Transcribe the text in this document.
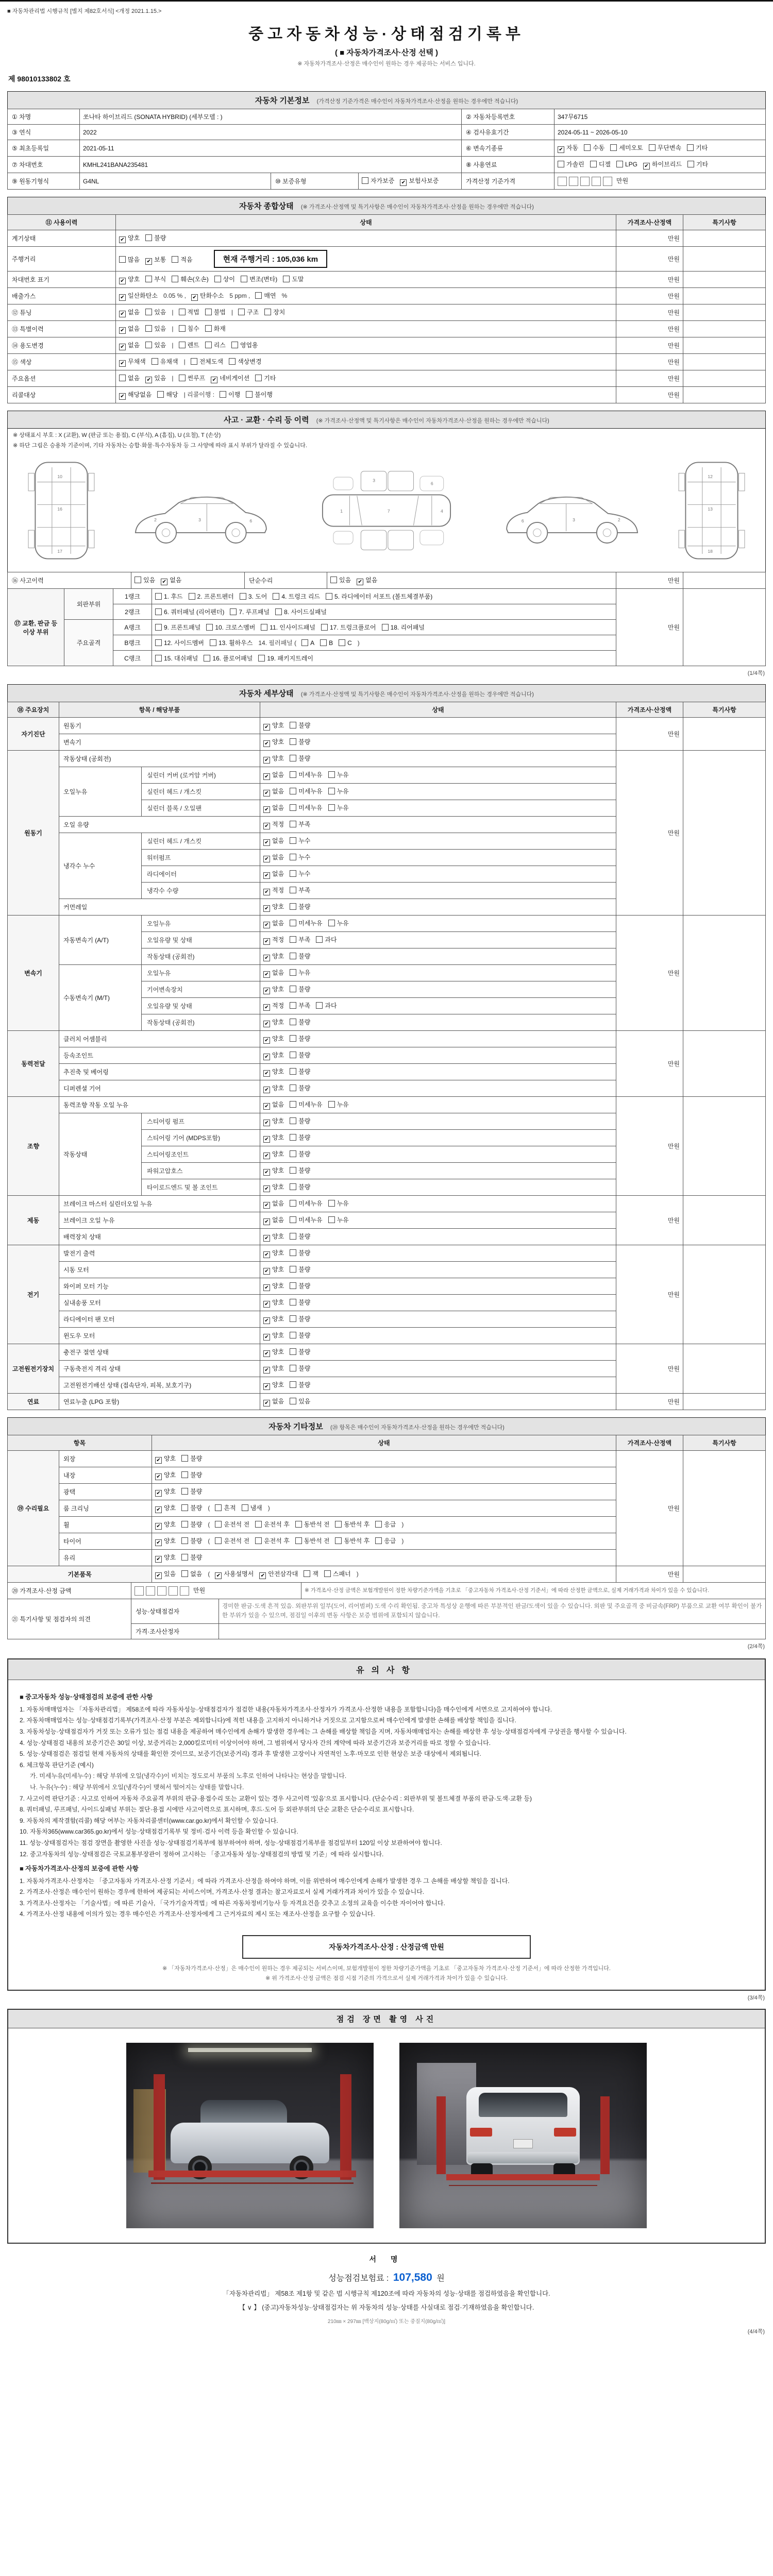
■ 자동차관리법 시행규칙 [별지 제82호서식] <개정 2021.1.15.>
중고자동차성능·상태점검기록부
( ■ 자동차가격조사·산정 선택 )
※ 자동차가격조사·산정은 매수인이 원하는 경우 제공하는 서비스 입니다.
제 98010133802 호
자동차 기본정보 (가격산정 기준가격은 매수인이 자동차가격조사·산정을 원하는 경우에만 적습니다)
① 차명	쏘나타 하이브리드 (SONATA HYBRID) (세부모델 : )			② 자동차등록번호	347무6715
③ 연식	2022			④ 검사유효기간	2024-05-11 ~ 2026-05-10
⑤ 최초등록일	2021-05-11			⑥ 변속기종류	✔ 자동 수동 세미오토 무단변속 기타
⑦ 차대번호	KMHL241BANA235481			⑧ 사용연료	가솔린 디젤 LPG ✔ 하이브리드 기타
⑨ 원동기형식	G4NL	⑩ 보증유형	자가보증 ✔ 보험사보증	가격산정 기준가격	만원
자동차 종합상태 (※ 가격조사·산정액 및 특기사항은 매수인이 자동차가격조사·산정을 원하는 경우에만 적습니다)
⑪ 사용이력	상태	가격조사·산정액	특기사항
계기상태	✔ 양호 불량	만원	
주행거리	많음 ✔ 보통 적음 현재 주행거리 : 105,036 km	만원	
차대번호 표기	✔ 양호 부식 훼손(오손) 상이 변조(변타) 도말	만원	
배출가스	✔ 일산화탄소 0.05 % , ✔ 탄화수소 5 ppm , 매연 %	만원	
⑫ 튜닝	✔ 없음 있음 | 적법 불법 | 구조 장치	만원	
⑬ 특별이력	✔ 없음 있음 | 침수 화재	만원	
⑭ 용도변경	✔ 없음 있음 | 렌트 리스 영업용	만원	
⑮ 색상	✔ 무채색 유채색 | 전체도색 색상변경	만원	
주요옵션	없음 ✔ 있음 | 썬루프 ✔ 네비게이션 기타	만원	
리콜대상	✔ 해당없음 해당 | 리콜이행 : 이행 불이행	만원	
사고 · 교환 · 수리 등 이력 (※ 가격조사·산정액 및 특기사항은 매수인이 자동차가격조사·산정을 원하는 경우에만 적습니다)
※ 상태표시 부호 : X (교환), W (판금 또는 용접), C (부식), A (흠집), U (요철), T (손상)
※ 하단 그림은 승용차 기준이며, 기타 자동차는 승합·화물·특수자동차 등 그 사양에 따라 표시 부위가 달라질 수 있습니다.
10
16
17
2	3	6
1	7	4
3
6
2
3
6
12
13
18
⑯ 사고이력	있음 ✔ 없음	단순수리	있음 ✔ 없음	만원	
⑰ 교환, 판금 등 이상 부위	외판부위	1랭크	1. 후드 2. 프론트펜더 3. 도어 4. 트렁크 리드 5. 라디에이터 서포트 (볼트체결부품)	만원	
		2랭크	6. 쿼터패널 (리어펜더) 7. 루프패널 8. 사이드실패널		
	주요골격	A랭크	9. 프론트패널 10. 크로스멤버 11. 인사이드패널 17. 트렁크플로어 18. 리어패널		
		B랭크	12. 사이드멤버 13. 휠하우스 14. 필러패널 ( A B C )		
		C랭크	15. 대쉬패널 16. 플로어패널 19. 패키지트레이		
(1/4쪽)
자동차 세부상태 (※ 가격조사·산정액 및 특기사항은 매수인이 자동차가격조사·산정을 원하는 경우에만 적습니다)
⑱ 주요장치	항목 / 해당부품		상태	가격조사·산정액	특기사항
자기진단	원동기		✔ 양호 불량	만원	
	변속기		✔ 양호 불량		
원동기	작동상태 (공회전)		✔ 양호 불량	만원	
	오일누유	실린더 커버 (로커암 커버)	✔ 없음 미세누유 누유		
		실린더 헤드 / 개스킷	✔ 없음 미세누유 누유		
		실린더 블록 / 오일팬	✔ 없음 미세누유 누유		
	오일 유량		✔ 적정 부족		
	냉각수 누수	실린더 헤드 / 개스킷	✔ 없음 누수		
		워터펌프	✔ 없음 누수		
		라디에이터	✔ 없음 누수		
		냉각수 수량	✔ 적정 부족		
	커먼레일		✔ 양호 불량		
변속기	자동변속기 (A/T)	오일누유	✔ 없음 미세누유 누유	만원	
		오일유량 및 상태	✔ 적정 부족 과다		
		작동상태 (공회전)	✔ 양호 불량		
	수동변속기 (M/T)	오일누유	✔ 없음 누유		
		기어변속장치	✔ 양호 불량		
		오일유량 및 상태	✔ 적정 부족 과다		
		작동상태 (공회전)	✔ 양호 불량		
동력전달	클러치 어셈블리		✔ 양호 불량	만원	
	등속조인트		✔ 양호 불량		
	추진축 및 베어링		✔ 양호 불량		
	디퍼렌셜 기어		✔ 양호 불량		
조향	동력조향 작동 오일 누유		✔ 없음 미세누유 누유	만원	
	작동상태	스티어링 펌프	✔ 양호 불량		
		스티어링 기어 (MDPS포함)	✔ 양호 불량		
		스티어링조인트	✔ 양호 불량		
		파워고압호스	✔ 양호 불량		
		타이로드엔드 및 볼 조인트	✔ 양호 불량		
제동	브레이크 마스터 실린더오일 누유		✔ 없음 미세누유 누유	만원	
	브레이크 오일 누유		✔ 없음 미세누유 누유		
	배력장치 상태		✔ 양호 불량		
전기	발전기 출력		✔ 양호 불량	만원	
	시동 모터		✔ 양호 불량		
	와이퍼 모터 기능		✔ 양호 불량		
	실내송풍 모터		✔ 양호 불량		
	라디에이터 팬 모터		✔ 양호 불량		
	윈도우 모터		✔ 양호 불량		
고전원전기장치	충전구 절연 상태		✔ 양호 불량	만원	
	구동축전지 격리 상태		✔ 양호 불량		
	고전원전기배선 상태 (접속단자, 피복, 보호기구)		✔ 양호 불량		
연료	연료누출 (LPG 포함)		✔ 없음 있음	만원	
자동차 기타정보 (⑳ 항목은 매수인이 자동차가격조사·산정을 원하는 경우에만 적습니다)
항목		상태	가격조사·산정액	특기사항
⑲ 수리필요	외장	✔ 양호 불량	만원	
	내장	✔ 양호 불량		
	광택	✔ 양호 불량		
	룸 크리닝	✔ 양호 불량 ( 흔적 냄새 )		
	휠	✔ 양호 불량 ( 운전석 전 운전석 후 동반석 전 동반석 후 응급 )		
	타이어	✔ 양호 불량 ( 운전석 전 운전석 후 동반석 전 동반석 후 응급 )		
	유리	✔ 양호 불량		
기본품목		✔ 있음 없음 ( ✔ 사용설명서 ✔ 안전삼각대 잭 스패너 )	만원	
⑳ 가격조사·산정 금액	만원	※ 가격조사·산정 금액은 보험개발원이 정한 차량기준가액을 기초로 「중고자동차 가격조사·산정 기준서」에 따라 산정한 금액으로, 실제 거래가격과 차이가 있을 수 있습니다.
㉑ 특기사항 및 점검자의 의견	성능·상태점검자	경미한 판금·도색 흔적 있음. 외판부위 일부(도어, 리어범퍼) 도색 수리 확인됨. 중고차 특성상 운행에 따른 부분적인 판금/도색이 있을 수 있습니다. 외판 및 주요골격 중 비금속(FRP) 부품으로 교환 여부 확인이 불가한 부위가 있을 수 있으며, 점검일 이후의 변동 사항은 보증 범위에 포함되지 않습니다.
	가격·조사산정자	
(2/4쪽)
유의사항
■ 중고자동차 성능·상태점검의 보증에 관한 사항
1. 자동차매매업자는 「자동차관리법」 제58조에 따라 자동차성능·상태점검자가 점검한 내용(자동차가격조사·산정자가 가격조사·산정한 내용을 포함합니다)을 매수인에게 서면으로 고지하여야 합니다.
2. 자동차매매업자는 성능·상태점검기록부(가격조사·산정 부분은 제외합니다)에 적힌 내용을 고지하지 아니하거나 거짓으로 고지함으로써 매수인에게 발생한 손해를 배상할 책임을 집니다.
3. 자동차성능·상태점검자가 거짓 또는 오류가 있는 점검 내용을 제공하여 매수인에게 손해가 발생한 경우에는 그 손해를 배상할 책임을 지며, 자동차매매업자는 손해를 배상한 후 성능·상태점검자에게 구상권을 행사할 수 있습니다.
4. 성능·상태점검 내용의 보증기간은 30일 이상, 보증거리는 2,000킬로미터 이상이어야 하며, 그 범위에서 당사자 간의 계약에 따라 보증기간과 보증거리를 따로 정할 수 있습니다.
5. 성능·상태점검은 점검일 현재 자동차의 상태를 확인한 것이므로, 보증기간(보증거리) 경과 후 발생한 고장이나 자연적인 노후·마모로 인한 현상은 보증 대상에서 제외됩니다.
6. 체크항목 판단기준 (예시)
가. 미세누유(미세누수) : 해당 부위에 오일(냉각수)이 비치는 정도로서 부품의 노후로 인하여 나타나는 현상을 말합니다.
나. 누유(누수) : 해당 부위에서 오일(냉각수)이 맺혀서 떨어지는 상태를 말합니다.
7. 사고이력 판단기준 : 사고로 인하여 자동차 주요골격 부위의 판금·용접수리 또는 교환이 있는 경우 사고이력 '있음'으로 표시합니다. (단순수리 : 외판부위 및 볼트체결 부품의 판금·도색·교환 등)
8. 쿼터패널, 루프패널, 사이드실패널 부위는 절단·용접 시에만 사고이력으로 표시하며, 후드·도어 등 외판부위의 단순 교환은 단순수리로 표시합니다.
9. 자동차의 제작결함(리콜) 해당 여부는 자동차리콜센터(www.car.go.kr)에서 확인할 수 있습니다.
10. 자동차365(www.car365.go.kr)에서 성능·상태점검기록부 및 정비·검사 이력 등을 확인할 수 있습니다.
11. 성능·상태점검자는 점검 장면을 촬영한 사진을 성능·상태점검기록부에 첨부하여야 하며, 성능·상태점검기록부를 점검일부터 120일 이상 보관하여야 합니다.
12. 중고자동차의 성능·상태점검은 국토교통부장관이 정하여 고시하는 「중고자동차 성능·상태점검의 방법 및 기준」에 따라 실시합니다.
■ 자동차가격조사·산정의 보증에 관한 사항
1. 자동차가격조사·산정자는 「중고자동차 가격조사·산정 기준서」에 따라 가격조사·산정을 하여야 하며, 이를 위반하여 매수인에게 손해가 발생한 경우 그 손해를 배상할 책임을 집니다.
2. 가격조사·산정은 매수인이 원하는 경우에 한하여 제공되는 서비스이며, 가격조사·산정 결과는 참고자료로서 실제 거래가격과 차이가 있을 수 있습니다.
3. 가격조사·산정자는 「기술사법」에 따른 기술사, 「국가기술자격법」에 따른 자동차정비기능사 등 자격요건을 갖추고 소정의 교육을 이수한 자이어야 합니다.
4. 가격조사·산정 내용에 이의가 있는 경우 매수인은 가격조사·산정자에게 그 근거자료의 제시 또는 재조사·산정을 요구할 수 있습니다.
자동차가격조사·산정 : 산정금액 만원
※ 「자동차가격조사·산정」은 매수인이 원하는 경우 제공되는 서비스이며, 보험개발원이 정한 차량기준가액을 기초로 「중고자동차 가격조사·산정 기준서」에 따라 산정한 가격입니다.
※ 위 가격조사·산정 금액은 점검 시점 기준의 가격으로서 실제 거래가격과 차이가 있을 수 있습니다.
(3/4쪽)
점검 장면 촬영 사진
서 명
성능점검보험료 : 107,580 원
「자동차관리법」 제58조 제1항 및 같은 법 시행규칙 제120조에 따라 자동차의 성능·상태를 점검하였음을 확인합니다.
【 ∨ 】 (중고)자동차성능·상태점검자는 위 자동차의 성능·상태를 사실대로 점검·기재하였음을 확인합니다.
210㎜ × 297㎜ [백상지(80g/㎡) 또는 중질지(80g/㎡)]
(4/4쪽)
